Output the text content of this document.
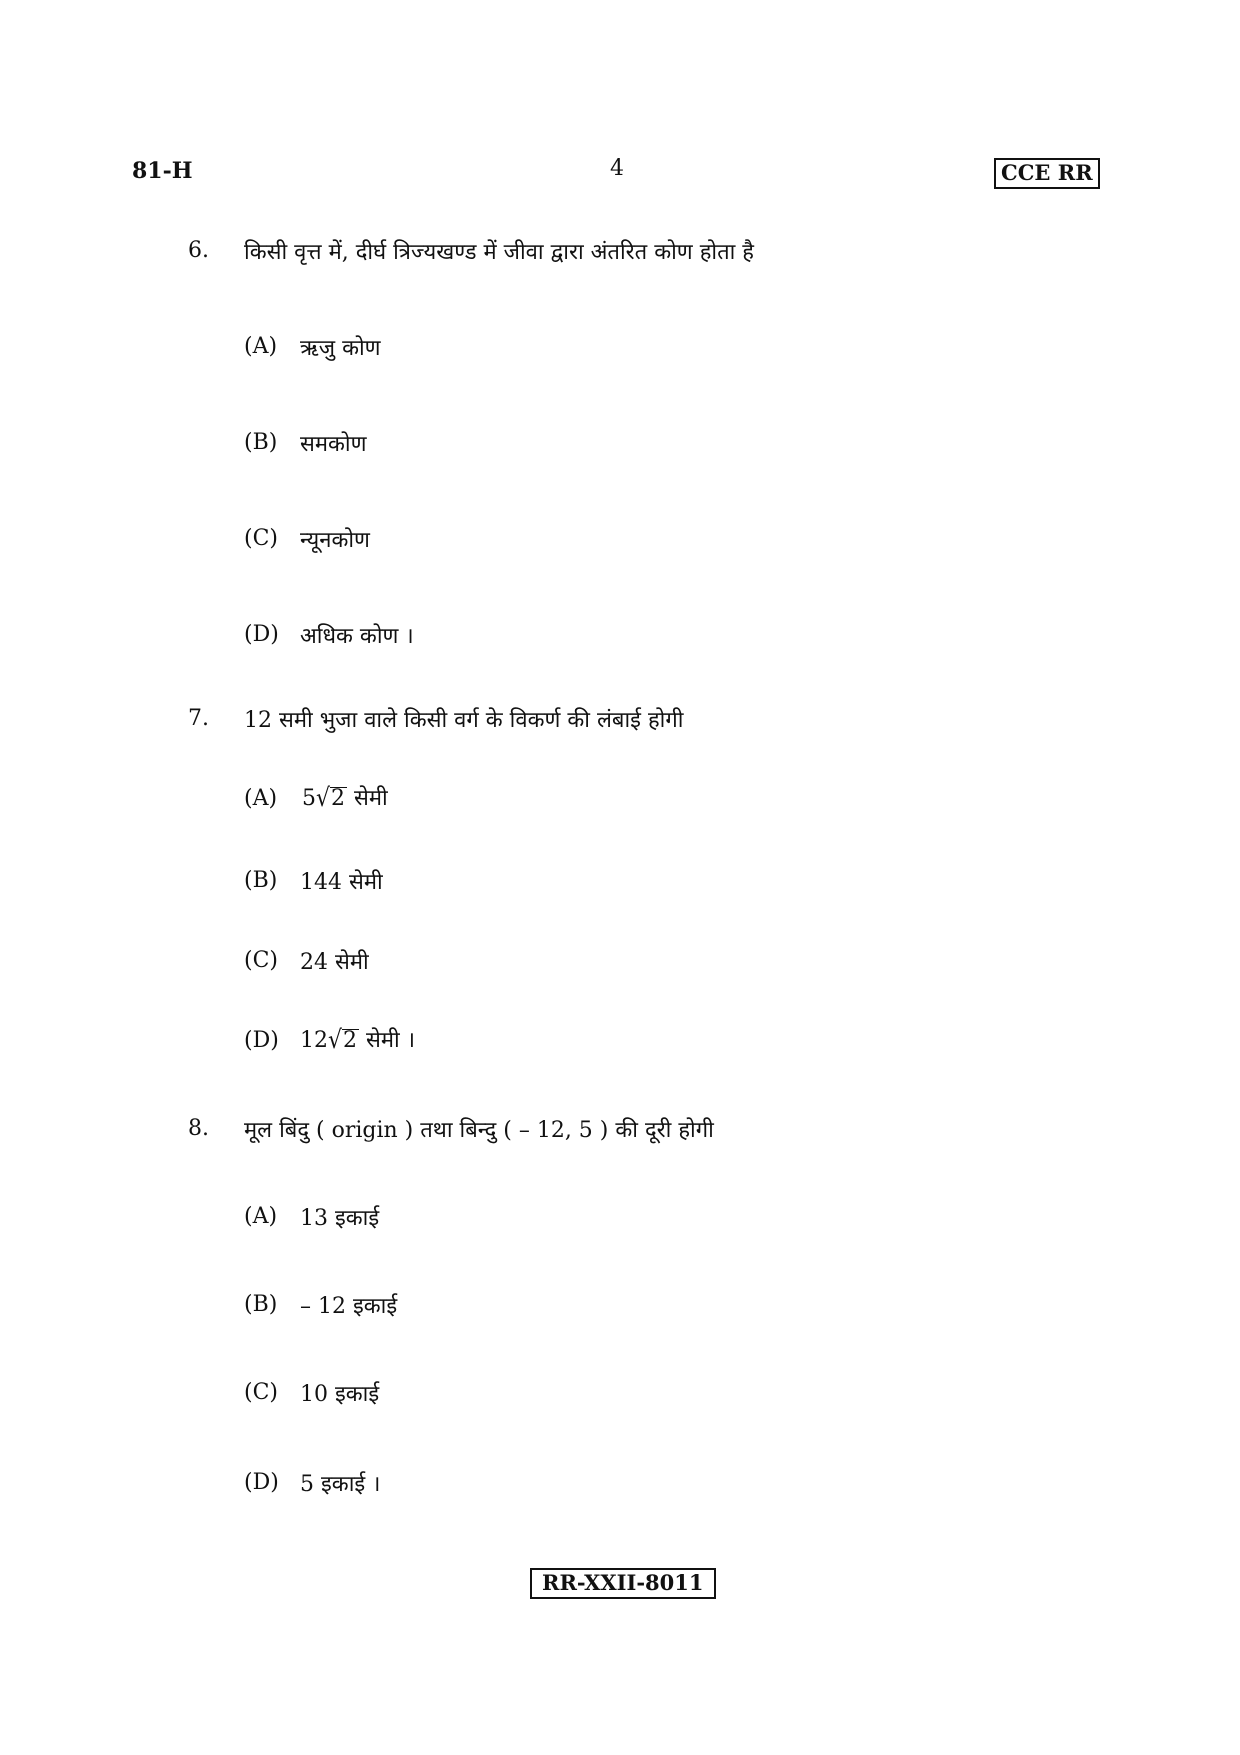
81-H	4	CCE RR
6. किसी वृत्त में, दीर्घ त्रिज्यखण्ड में जीवा द्वारा अंतरित कोण होता है
(A) ऋजु कोण
(B) समकोण
(C) न्यूनकोण
(D) अधिक कोण ।
7. 12 समी भुजा वाले किसी वर्ग के विकर्ण की लंबाई होगी
(A) 5√2 सेमी
(B) 144 सेमी
(C) 24 सेमी
(D) 12√2 सेमी ।
8. मूल बिंदु ( origin ) तथा बिन्दु ( – 12, 5 ) की दूरी होगी
(A) 13 इकाई
(B) – 12 इकाई
(C) 10 इकाई
(D) 5 इकाई ।
RR-XXII-8011
